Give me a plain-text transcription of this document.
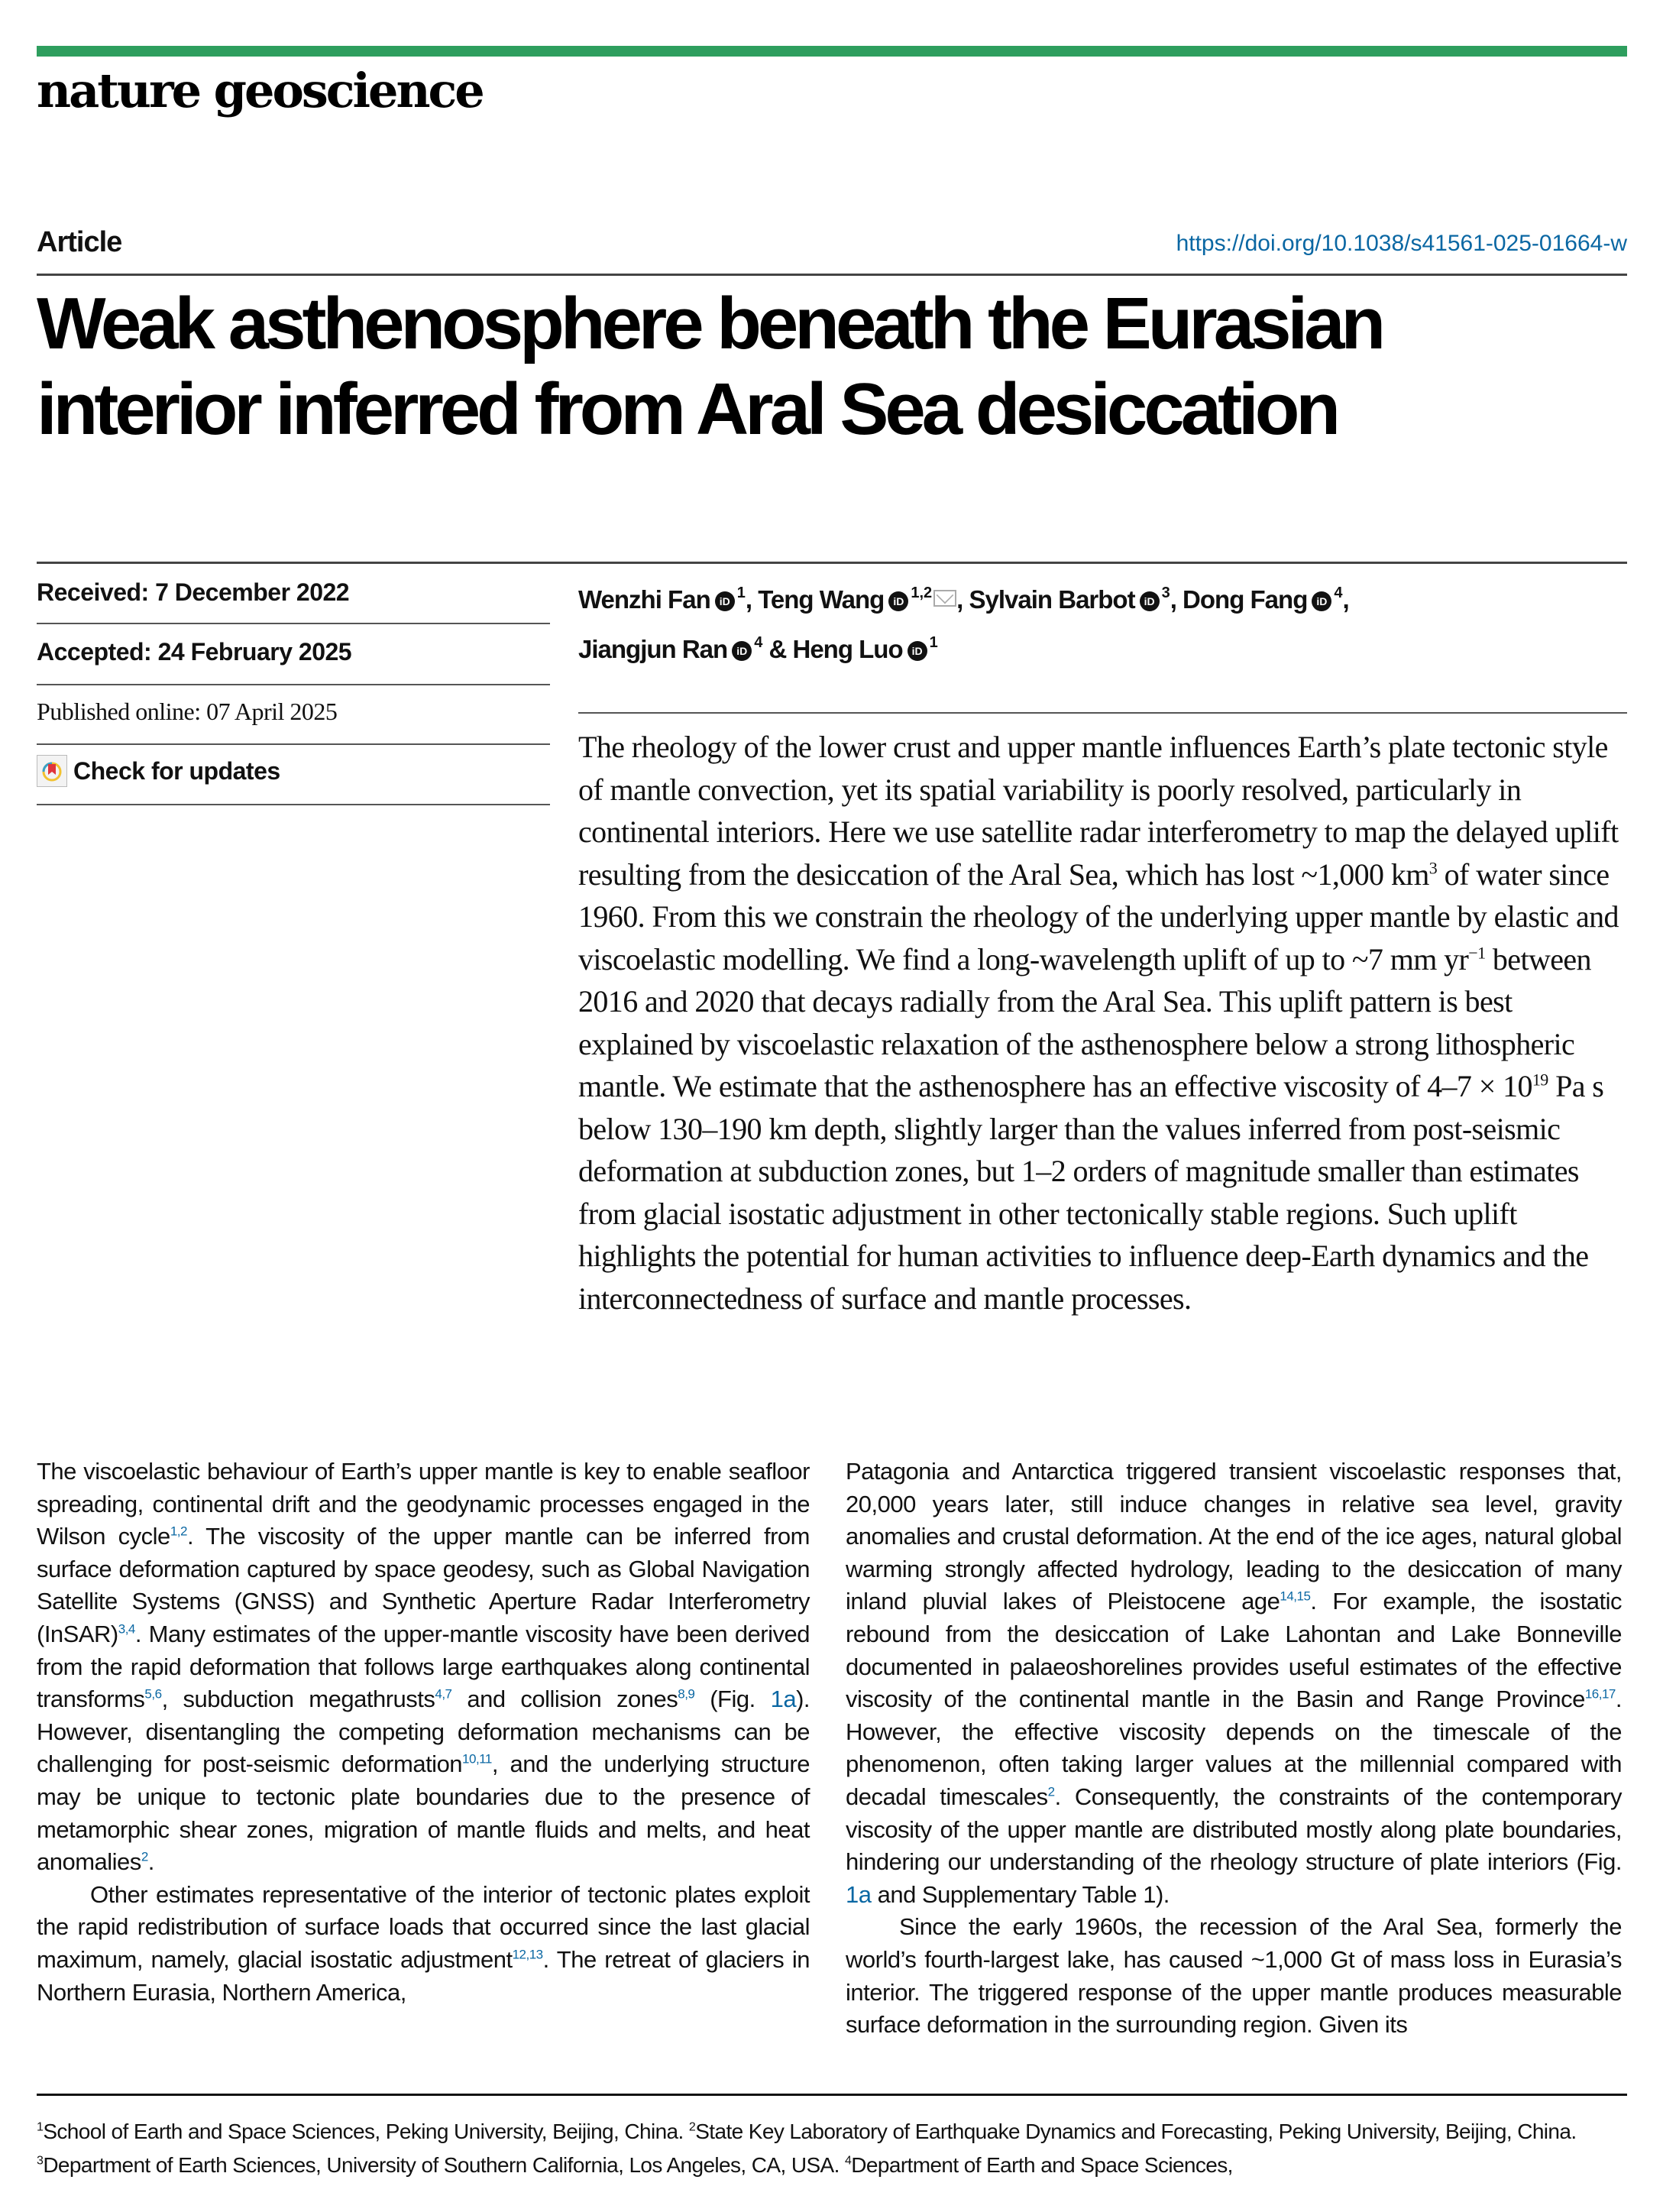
nature geoscience
Article	https://doi.org/10.1038/s41561-025-01664-w
Weak asthenosphere beneath the Eurasian
interior inferred from Aral Sea desiccation
Received: 7 December 2022
Accepted: 24 February 2025
Published online: 07 April 2025
Check for updates
Wenzhi Fan iD $^1$, Teng Wang iD $^{1,2}$ , Sylvain Barbot iD $^3$, Dong Fang iD $^4$,
Jiangjun Ran iD $^4$ & Heng Luo iD $^1$
The rheology of the lower crust and upper mantle influences Earth’s plate tectonic style of mantle convection, yet its spatial variability is poorly resolved, particularly in continental interiors. Here we use satellite radar interferometry to map the delayed uplift resulting from the desiccation of the Aral Sea, which has lost ~1,000 $km^3$ of water since 1960. From this we constrain the rheology of the underlying upper mantle by elastic and viscoelastic modelling. We find a long-wavelength uplift of up to ~7 mm $yr^{-1}$ between 2016 and 2020 that decays radially from the Aral Sea. This uplift pattern is best explained by viscoelastic relaxation of the asthenosphere below a strong lithospheric mantle. We estimate that the asthenosphere has an effective viscosity of $4-7 \times 10^{19}$ Pa s below 130–190 km depth, slightly larger than the values inferred from post-seismic deformation at subduction zones, but 1–2 orders of magnitude smaller than estimates from glacial isostatic adjustment in other tectonically stable regions. Such uplift highlights the potential for human activities to influence deep-Earth dynamics and the interconnectedness of surface and mantle processes.

The viscoelastic behaviour of Earth’s upper mantle is key to enable seafloor spreading, continental drift and the geodynamic processes engaged in the Wilson cycle$^{1,2}$. The viscosity of the upper mantle can be inferred from surface deformation captured by space geodesy, such as Global Navigation Satellite Systems (GNSS) and Synthetic Aperture Radar Interferometry (InSAR)$^{3,4}$. Many estimates of the upper-mantle viscosity have been derived from the rapid deformation that follows large earthquakes along continental transforms$^{5,6}$, subduction megathrusts$^{4,7}$ and collision zones$^{8,9}$ (Fig. 1a). However, disentangling the competing deformation mechanisms can be challenging for post-seismic deformation$^{10,11}$, and the underlying structure may be unique to tectonic plate boundaries due to the presence of metamorphic shear zones, migration of mantle fluids and melts, and heat anomalies$^2$.

Other estimates representative of the interior of tectonic plates exploit the rapid redistribution of surface loads that occurred since the last glacial maximum, namely, glacial isostatic adjustment$^{12,13}$. The retreat of glaciers in Northern Eurasia, Northern America,

Patagonia and Antarctica triggered transient viscoelastic responses that, 20,000 years later, still induce changes in relative sea level, gravity anomalies and crustal deformation. At the end of the ice ages, natural global warming strongly affected hydrology, leading to the desiccation of many inland pluvial lakes of Pleistocene age$^{14,15}$. For example, the isostatic rebound from the desiccation of Lake Lahontan and Lake Bonneville documented in palaeoshorelines provides useful estimates of the effective viscosity of the continental mantle in the Basin and Range Province$^{16,17}$. However, the effective viscosity depends on the timescale of the phenomenon, often taking larger values at the millennial compared with decadal timescales$^2$. Consequently, the constraints of the contemporary viscosity of the upper mantle are distributed mostly along plate boundaries, hindering our understanding of the rheology structure of plate interiors (Fig. 1a and Supplementary Table 1).

Since the early 1960s, the recession of the Aral Sea, formerly the world’s fourth-largest lake, has caused ~1,000 Gt of mass loss in Eurasia’s interior. The triggered response of the upper mantle produces measurable surface deformation in the surrounding region. Given its

$^1$School of Earth and Space Sciences, Peking University, Beijing, China. $^2$State Key Laboratory of Earthquake Dynamics and Forecasting, Peking University, Beijing, China. $^3$Department of Earth Sciences, University of Southern California, Los Angeles, CA, USA. $^4$Department of Earth and Space Sciences,
